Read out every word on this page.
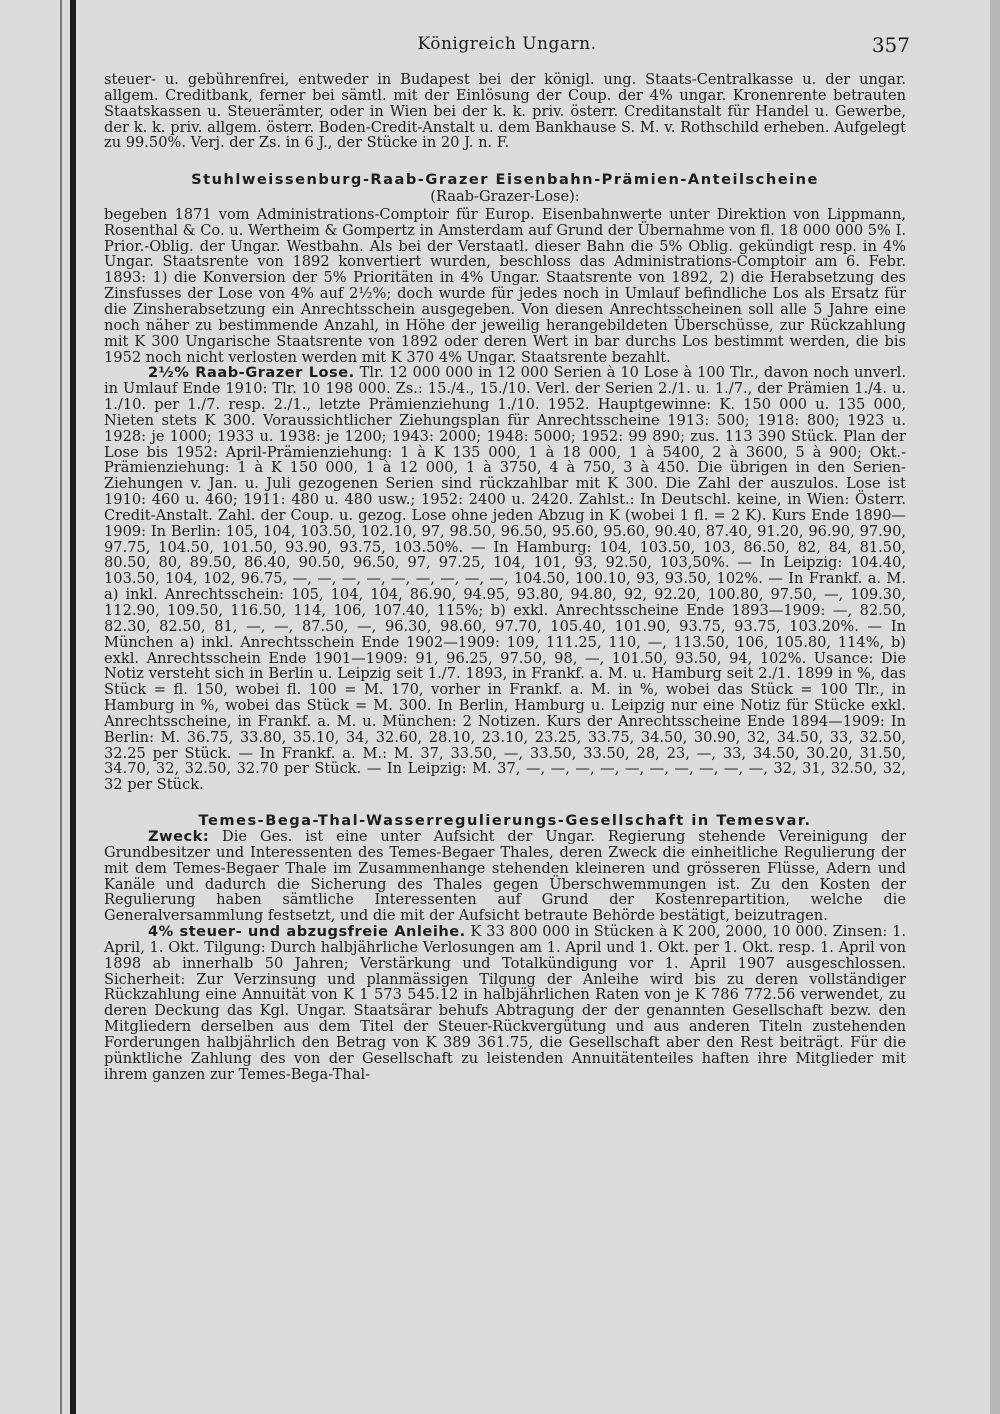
Königreich Ungarn.	357

steuer- u. gebührenfrei, entweder in Budapest bei der königl. ung. Staats-Centralkasse u. der ungar. allgem. Creditbank, ferner bei sämtl. mit der Einlösung der Coup. der 4% ungar. Kronenrente betrauten Staatskassen u. Steuerämter, oder in Wien bei der k. k. priv. österr. Creditanstalt für Handel u. Gewerbe, der k. k. priv. allgem. österr. Boden-Credit-Anstalt u. dem Bankhause S. M. v. Rothschild erheben. Aufgelegt zu 99.50%. Verj. der Zs. in 6 J., der Stücke in 20 J. n. F.

Stuhlweissenburg-Raab-Grazer Eisenbahn-Prämien-Anteilscheine
(Raab-Grazer-Lose):

begeben 1871 vom Administrations-Comptoir für Europ. Eisenbahnwerte unter Direktion von Lippmann, Rosenthal & Co. u. Wertheim & Gompertz in Amsterdam auf Grund der Übernahme von fl. 18 000 000 5% I. Prior.-Oblig. der Ungar. Westbahn. Als bei der Verstaatl. dieser Bahn die 5% Oblig. gekündigt resp. in 4% Ungar. Staatsrente von 1892 konvertiert wurden, beschloss das Administrations-Comptoir am 6. Febr. 1893: 1) die Konversion der 5% Prioritäten in 4% Ungar. Staatsrente von 1892, 2) die Herabsetzung des Zinsfusses der Lose von 4% auf 2½%; doch wurde für jedes noch in Umlauf befindliche Los als Ersatz für die Zinsherabsetzung ein Anrechtsschein ausgegeben. Von diesen Anrechtsscheinen soll alle 5 Jahre eine noch näher zu bestimmende Anzahl, in Höhe der jeweilig herangebildeten Überschüsse, zur Rückzahlung mit K 300 Ungarische Staatsrente von 1892 oder deren Wert in bar durchs Los bestimmt werden, die bis 1952 noch nicht verlosten werden mit K 370 4% Ungar. Staatsrente bezahlt.

2½% Raab-Grazer Lose. Tlr. 12 000 000 in 12 000 Serien à 10 Lose à 100 Tlr., davon noch unverl. in Umlauf Ende 1910: Tlr. 10 198 000. Zs.: 15./4., 15./10. Verl. der Serien 2./1. u. 1./7., der Prämien 1./4. u. 1./10. per 1./7. resp. 2./1., letzte Prämienziehung 1./10. 1952. Hauptgewinne: K. 150 000 u. 135 000, Nieten stets K 300. Voraussichtlicher Ziehungsplan für Anrechtsscheine 1913: 500; 1918: 800; 1923 u. 1928: je 1000; 1933 u. 1938: je 1200; 1943: 2000; 1948: 5000; 1952: 99 890; zus. 113 390 Stück. Plan der Lose bis 1952: April-Prämienziehung: 1 à K 135 000, 1 à 18 000, 1 à 5400, 2 à 3600, 5 à 900; Okt.-Prämienziehung: 1 à K 150 000, 1 à 12 000, 1 à 3750, 4 à 750, 3 à 450. Die übrigen in den Serien-Ziehungen v. Jan. u. Juli gezogenen Serien sind rückzahlbar mit K 300. Die Zahl der auszulos. Lose ist 1910: 460 u. 460; 1911: 480 u. 480 usw.; 1952: 2400 u. 2420. Zahlst.: In Deutschl. keine, in Wien: Österr. Credit-Anstalt. Zahl. der Coup. u. gezog. Lose ohne jeden Abzug in K (wobei 1 fl. = 2 K). Kurs Ende 1890—1909: In Berlin: 105, 104, 103.50, 102.10, 97, 98.50, 96.50, 95.60, 95.60, 90.40, 87.40, 91.20, 96.90, 97.90, 97.75, 104.50, 101.50, 93.90, 93.75, 103.50%. — In Hamburg: 104, 103.50, 103, 86.50, 82, 84, 81.50, 80.50, 80, 89.50, 86.40, 90.50, 96.50, 97, 97.25, 104, 101, 93, 92.50, 103,50%. — In Leipzig: 104.40, 103.50, 104, 102, 96.75, —, —, —, —, —, —, —, —, —, 104.50, 100.10, 93, 93.50, 102%. — In Frankf. a. M. a) inkl. Anrechtsschein: 105, 104, 104, 86.90, 94.95, 93.80, 94.80, 92, 92.20, 100.80, 97.50, —, 109.30, 112.90, 109.50, 116.50, 114, 106, 107.40, 115%; b) exkl. Anrechtsscheine Ende 1893—1909: —, 82.50, 82.30, 82.50, 81, —, —, 87.50, —, 96.30, 98.60, 97.70, 105.40, 101.90, 93.75, 93.75, 103.20%. — In München a) inkl. Anrechtsschein Ende 1902—1909: 109, 111.25, 110, —, 113.50, 106, 105.80, 114%, b) exkl. Anrechtsschein Ende 1901—1909: 91, 96.25, 97.50, 98, —, 101.50, 93.50, 94, 102%. Usance: Die Notiz versteht sich in Berlin u. Leipzig seit 1./7. 1893, in Frankf. a. M. u. Hamburg seit 2./1. 1899 in %, das Stück = fl. 150, wobei fl. 100 = M. 170, vorher in Frankf. a. M. in %, wobei das Stück = 100 Tlr., in Hamburg in %, wobei das Stück = M. 300. In Berlin, Hamburg u. Leipzig nur eine Notiz für Stücke exkl. Anrechtsscheine, in Frankf. a. M. u. München: 2 Notizen. Kurs der Anrechtsscheine Ende 1894—1909: In Berlin: M. 36.75, 33.80, 35.10, 34, 32.60, 28.10, 23.10, 23.25, 33.75, 34.50, 30.90, 32, 34.50, 33, 32.50, 32.25 per Stück. — In Frankf. a. M.: M. 37, 33.50, —, 33.50, 33.50, 28, 23, —, 33, 34.50, 30.20, 31.50, 34.70, 32, 32.50, 32.70 per Stück. — In Leipzig: M. 37, —, —, —, —, —, —, —, —, —, —, 32, 31, 32.50, 32, 32 per Stück.

Temes-Bega-Thal-Wasserregulierungs-Gesellschaft in Temesvar.

Zweck: Die Ges. ist eine unter Aufsicht der Ungar. Regierung stehende Vereinigung der Grundbesitzer und Interessenten des Temes-Begaer Thales, deren Zweck die einheitliche Regulierung der mit dem Temes-Begaer Thale im Zusammenhange stehenden kleineren und grösseren Flüsse, Adern und Kanäle und dadurch die Sicherung des Thales gegen Überschwemmungen ist. Zu den Kosten der Regulierung haben sämtliche Interessenten auf Grund der Kostenrepartition, welche die Generalversammlung festsetzt, und die mit der Aufsicht betraute Behörde bestätigt, beizutragen.

4% steuer- und abzugsfreie Anleihe. K 33 800 000 in Stücken à K 200, 2000, 10 000. Zinsen: 1. April, 1. Okt. Tilgung: Durch halbjährliche Verlosungen am 1. April und 1. Okt. per 1. Okt. resp. 1. April von 1898 ab innerhalb 50 Jahren; Verstärkung und Totalkündigung vor 1. April 1907 ausgeschlossen. Sicherheit: Zur Verzinsung und planmässigen Tilgung der Anleihe wird bis zu deren vollständiger Rückzahlung eine Annuität von K 1 573 545.12 in halbjährlichen Raten von je K 786 772.56 verwendet, zu deren Deckung das Kgl. Ungar. Staatsärar behufs Abtragung der der genannten Gesellschaft bezw. den Mitgliedern derselben aus dem Titel der Steuer-Rückvergütung und aus anderen Titeln zustehenden Forderungen halbjährlich den Betrag von K 389 361.75, die Gesellschaft aber den Rest beiträgt. Für die pünktliche Zahlung des von der Gesellschaft zu leistenden Annuitätenteiles haften ihre Mitglieder mit ihrem ganzen zur Temes-Bega-Thal-
